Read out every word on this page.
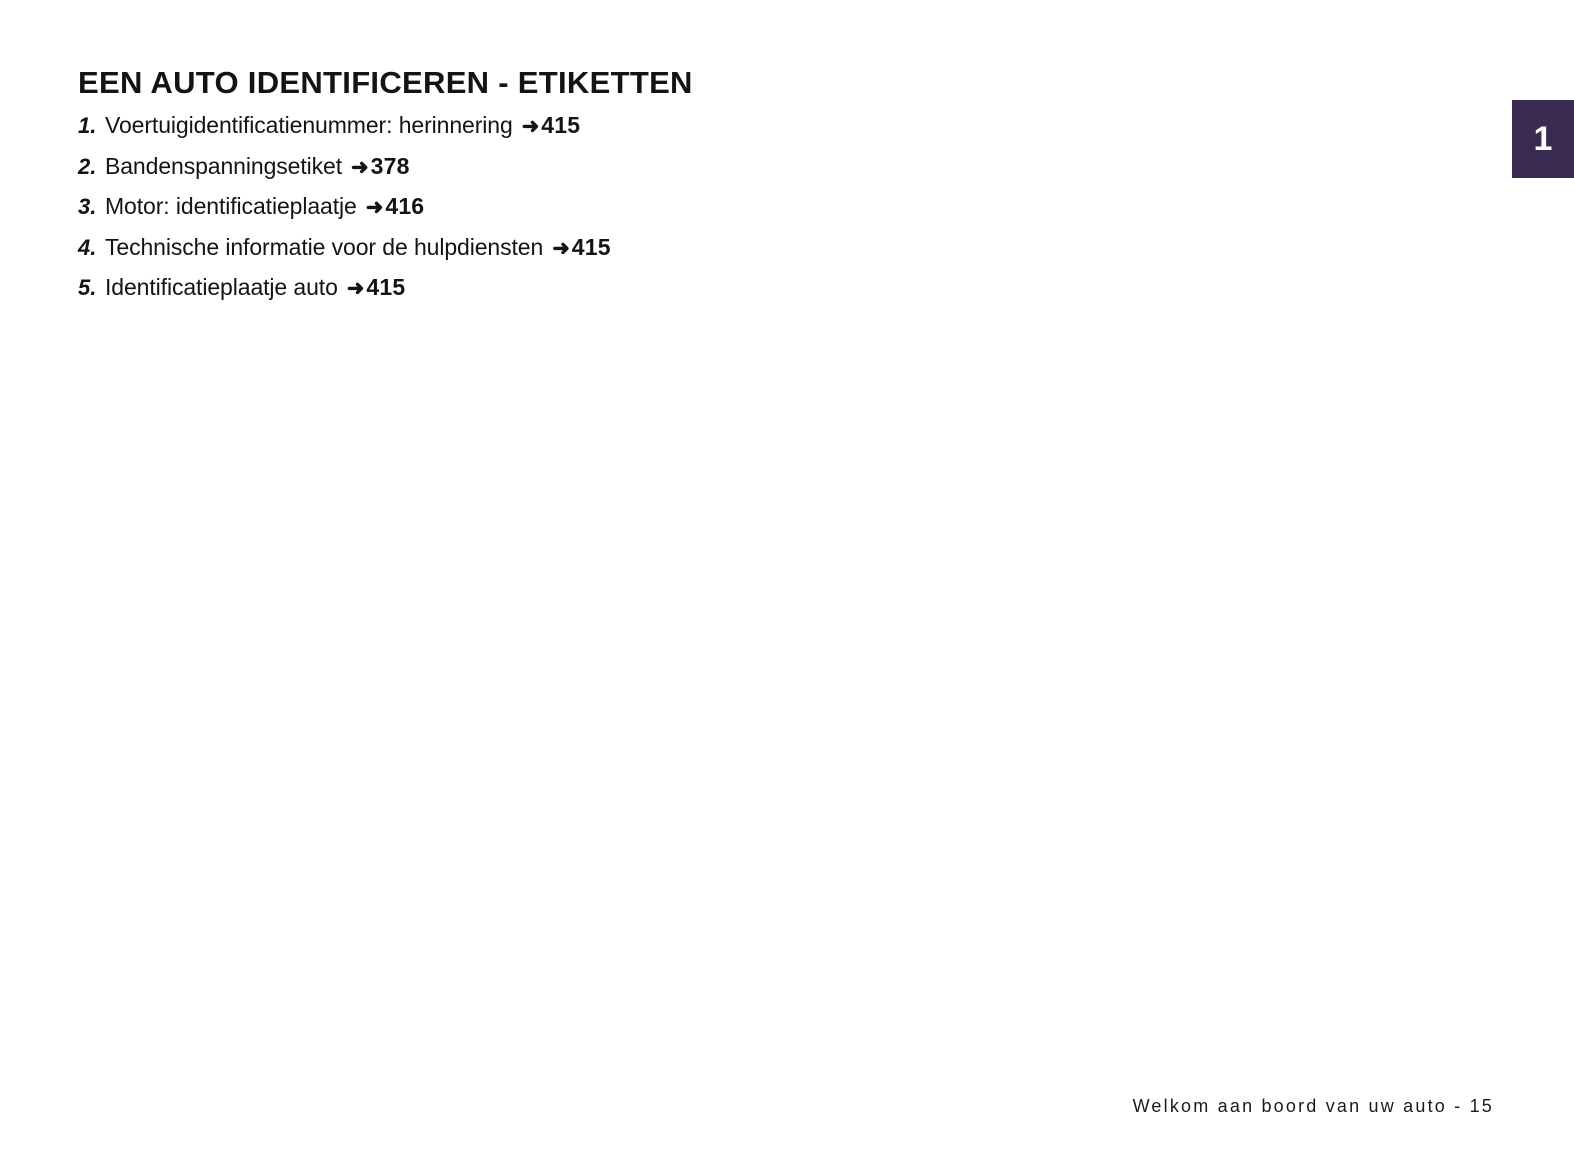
1
EEN AUTO IDENTIFICEREN - ETIKETTEN
1. Voertuigidentificatienummer: herinnering ➜ 415
2. Bandenspanningsetiket ➜ 378
3. Motor: identificatieplaatje ➜ 416
4. Technische informatie voor de hulpdiensten ➜ 415
5. Identificatieplaatje auto ➜ 415
Welkom aan boord van uw auto - 15
